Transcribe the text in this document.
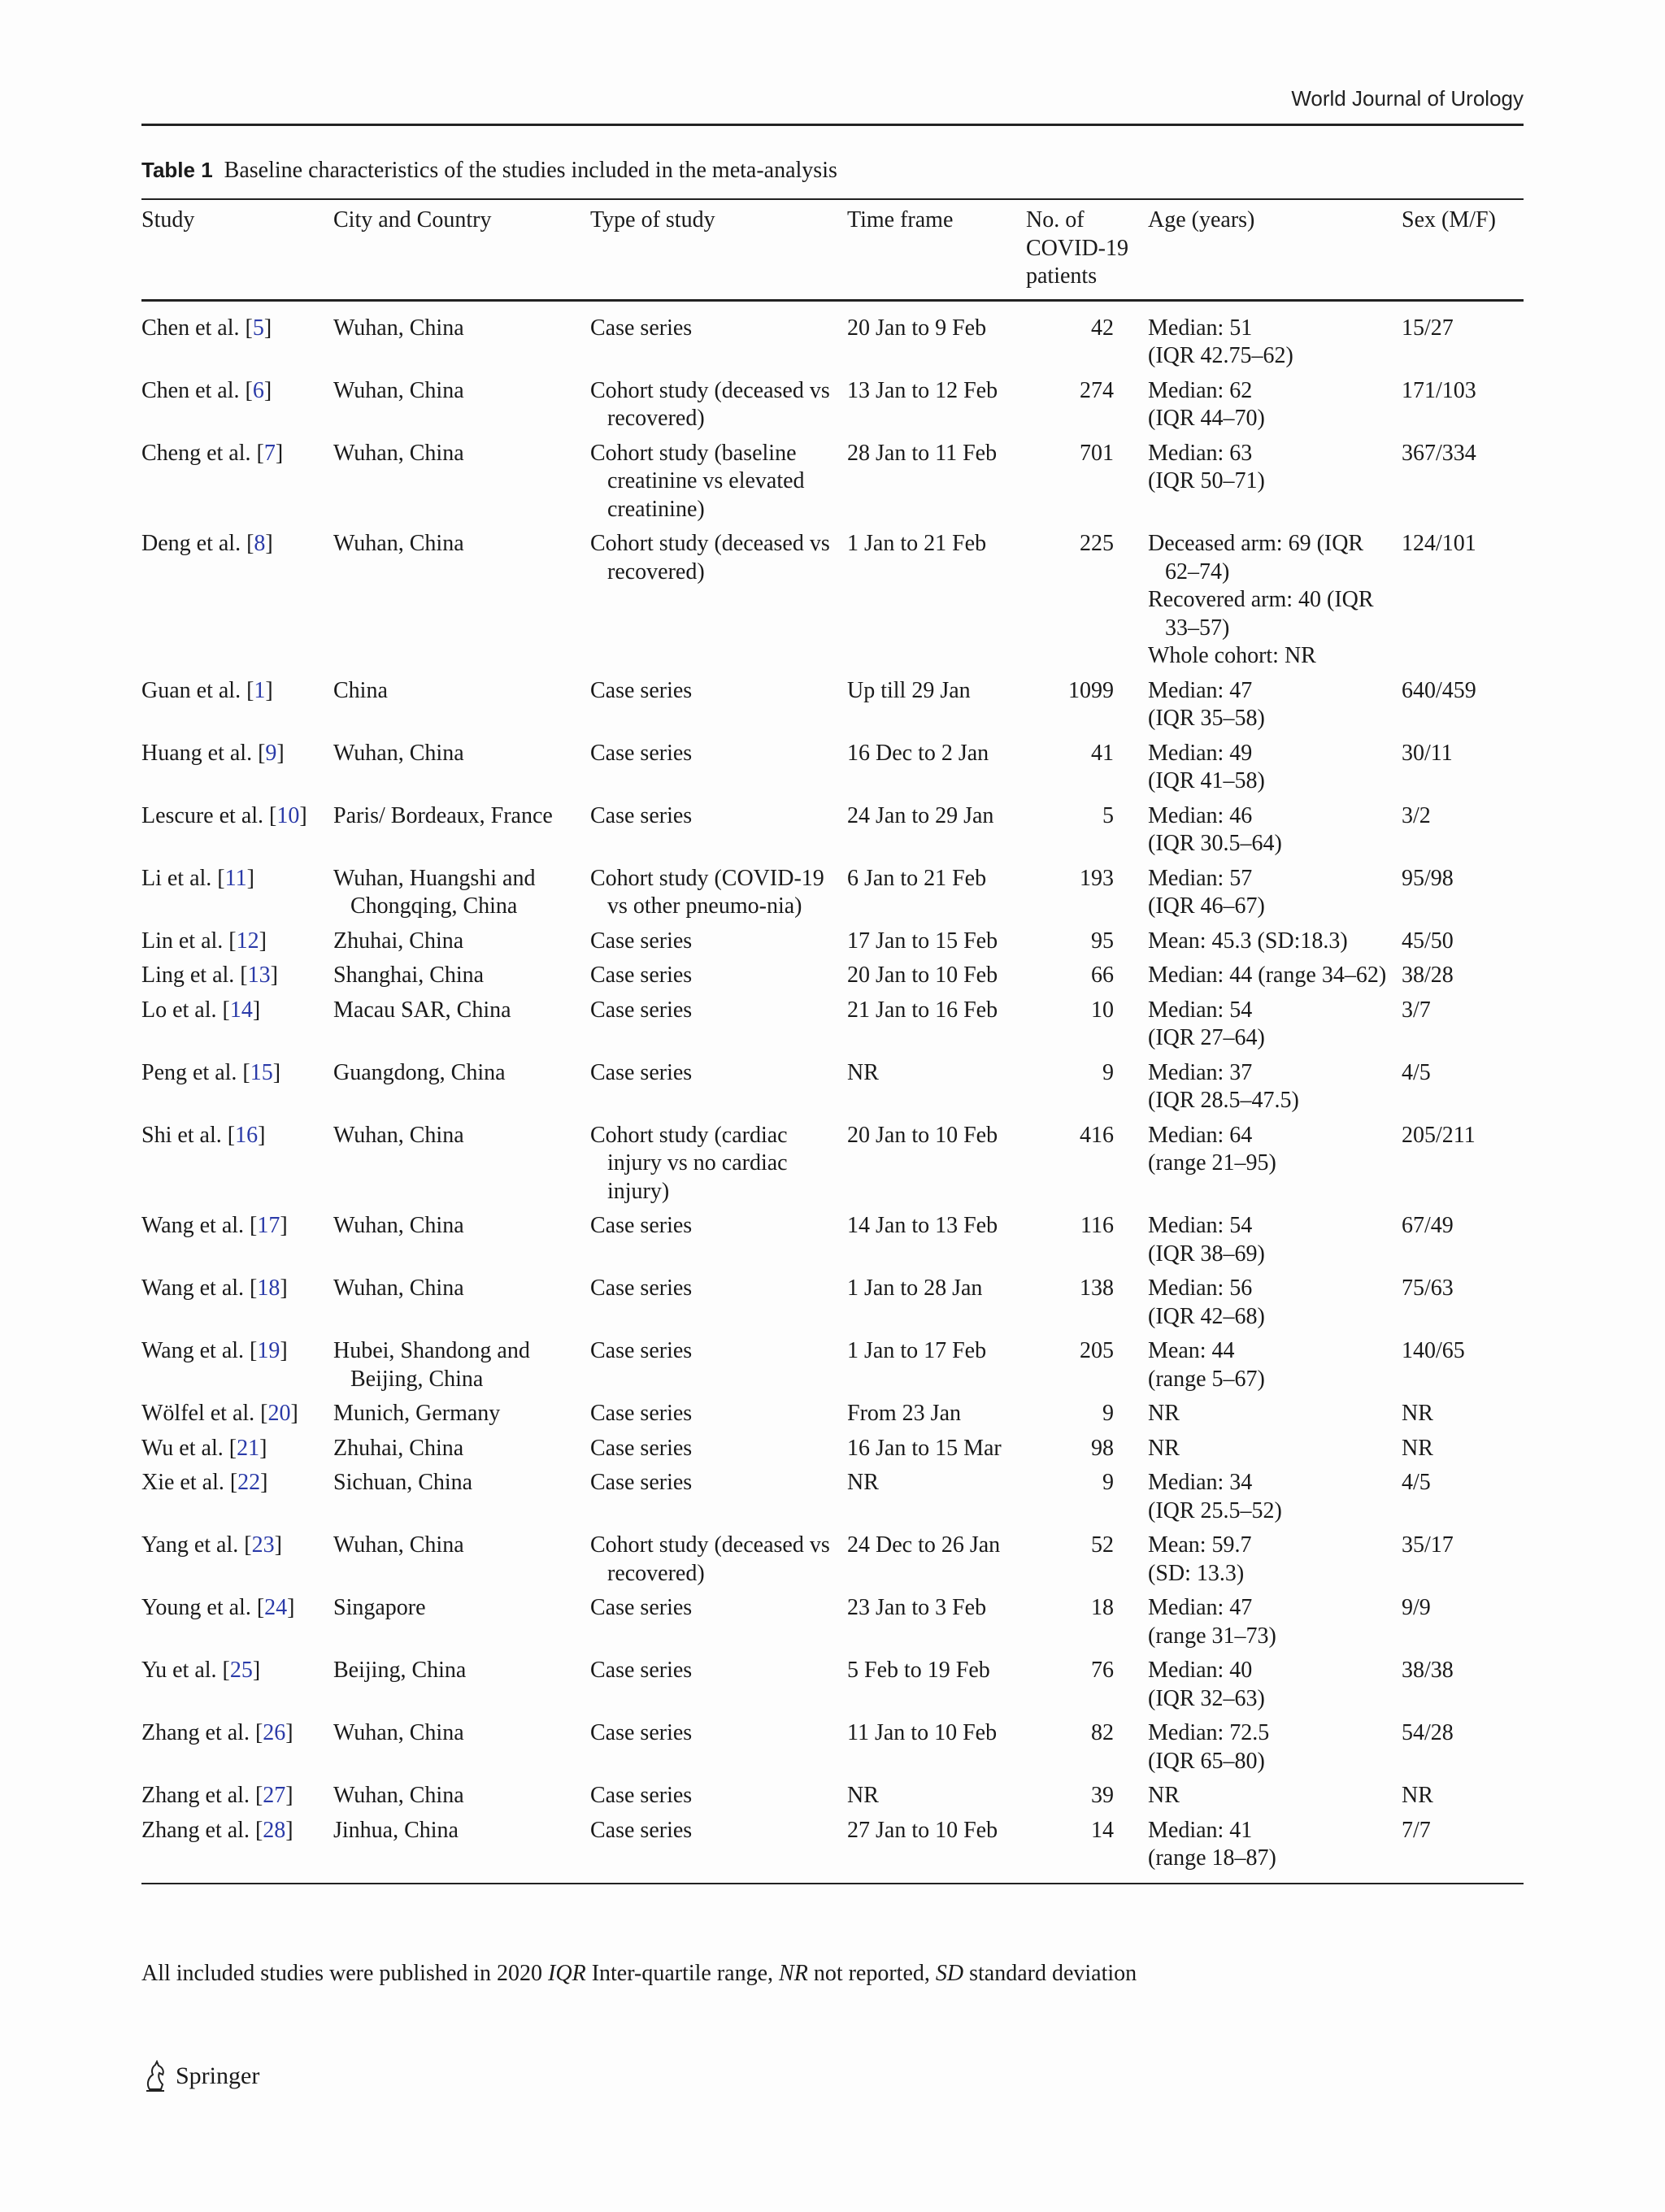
World Journal of Urology
Table 1 Baseline characteristics of the studies included in the meta-analysis
Study	City and Country	Type of study	Time frame	No. of COVID-19 patients	Age (years)	Sex (M/F)
Chen et al. [5]	Wuhan, China	Case series	20 Jan to 9 Feb	42	Median: 51
(IQR 42.75–62)	15/27
Chen et al. [6]	Wuhan, China	Cohort study (deceased vs recovered)	13 Jan to 12 Feb	274	Median: 62
(IQR 44–70)	171/103
Cheng et al. [7]	Wuhan, China	Cohort study (baseline creatinine vs elevated creatinine)	28 Jan to 11 Feb	701	Median: 63
(IQR 50–71)	367/334
Deng et al. [8]	Wuhan, China	Cohort study (deceased vs recovered)	1 Jan to 21 Feb	225	Deceased arm: 69 (IQR 62–74)
Recovered arm: 40 (IQR 33–57)
Whole cohort: NR	124/101
Guan et al. [1]	China	Case series	Up till 29 Jan	1099	Median: 47
(IQR 35–58)	640/459
Huang et al. [9]	Wuhan, China	Case series	16 Dec to 2 Jan	41	Median: 49
(IQR 41–58)	30/11
Lescure et al. [10]	Paris/ Bordeaux, France	Case series	24 Jan to 29 Jan	5	Median: 46
(IQR 30.5–64)	3/2
Li et al. [11]	Wuhan, Huangshi and Chongqing, China	Cohort study (COVID-19 vs other pneumo-nia)	6 Jan to 21 Feb	193	Median: 57
(IQR 46–67)	95/98
Lin et al. [12]	Zhuhai, China	Case series	17 Jan to 15 Feb	95	Mean: 45.3 (SD:18.3)	45/50
Ling et al. [13]	Shanghai, China	Case series	20 Jan to 10 Feb	66	Median: 44 (range 34–62)	38/28
Lo et al. [14]	Macau SAR, China	Case series	21 Jan to 16 Feb	10	Median: 54
(IQR 27–64)	3/7
Peng et al. [15]	Guangdong, China	Case series	NR	9	Median: 37
(IQR 28.5–47.5)	4/5
Shi et al. [16]	Wuhan, China	Cohort study (cardiac injury vs no cardiac injury)	20 Jan to 10 Feb	416	Median: 64
(range 21–95)	205/211
Wang et al. [17]	Wuhan, China	Case series	14 Jan to 13 Feb	116	Median: 54
(IQR 38–69)	67/49
Wang et al. [18]	Wuhan, China	Case series	1 Jan to 28 Jan	138	Median: 56
(IQR 42–68)	75/63
Wang et al. [19]	Hubei, Shandong and Beijing, China	Case series	1 Jan to 17 Feb	205	Mean: 44
(range 5–67)	140/65
Wölfel et al. [20]	Munich, Germany	Case series	From 23 Jan	9	NR	NR
Wu et al. [21]	Zhuhai, China	Case series	16 Jan to 15 Mar	98	NR	NR
Xie et al. [22]	Sichuan, China	Case series	NR	9	Median: 34
(IQR 25.5–52)	4/5
Yang et al. [23]	Wuhan, China	Cohort study (deceased vs recovered)	24 Dec to 26 Jan	52	Mean: 59.7
(SD: 13.3)	35/17
Young et al. [24]	Singapore	Case series	23 Jan to 3 Feb	18	Median: 47
(range 31–73)	9/9
Yu et al. [25]	Beijing, China	Case series	5 Feb to 19 Feb	76	Median: 40
(IQR 32–63)	38/38
Zhang et al. [26]	Wuhan, China	Case series	11 Jan to 10 Feb	82	Median: 72.5
(IQR 65–80)	54/28
Zhang et al. [27]	Wuhan, China	Case series	NR	39	NR	NR
Zhang et al. [28]	Jinhua, China	Case series	27 Jan to 10 Feb	14	Median: 41
(range 18–87)	7/7
All included studies were published in 2020 IQR Inter-quartile range, NR not reported, SD standard deviation
Springer
